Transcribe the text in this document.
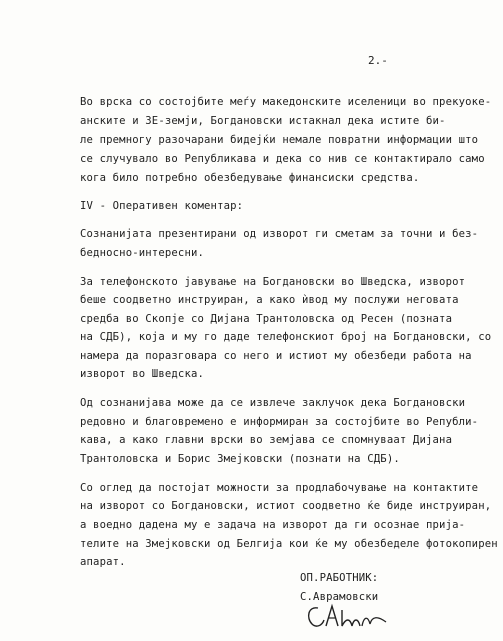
2.-
Во врска со состојбите меѓу македонските иселеници во прекуоке-
анските и ЗЕ-земји, Богдановски истакнал дека истите би-
ле премногу разочарани бидејќи немале повратни информации што
се случувало во Републикава и дека со нив се контактирало само
кога било потребно обезбедување финансиски средства.
IV - Оперативен коментар:
Сознанијата презентирани од изворот ги сметам за точни и без-
бедносно-интересни.
За телефонското јавување на Богдановски во Шведска, изворот
беше соодветно инструиран, а како ѝвод му послужи неговата
средба во Скопје со Дијана Трантоловска од Ресен (позната
на СДБ), која и му го даде телефонскиот број на Богдановски, со
намера да поразговара со него и истиот му обезбеди работа на
изворот во Шведска.
Од сознанијава може да се извлече заклучок дека Богдановски
редовно и благовремено е информиран за состојбите во Републи-
кава, а како главни врски во земјава се спомнуваат Дијана
Трантоловска и Борис Змејковски (познати на СДБ).
Со оглед да постојат можности за продлабочување на контактите
на изворот со Богдановски, истиот соодветно ќе биде инструиран,
а воедно дадена му е задача на изворот да ги осознае прија-
телите на Змејковски од Белгија кои ќе му обезбеделе фотокопирен
апарат.
ОП.РАБОТНИК:
С.Аврамовски
